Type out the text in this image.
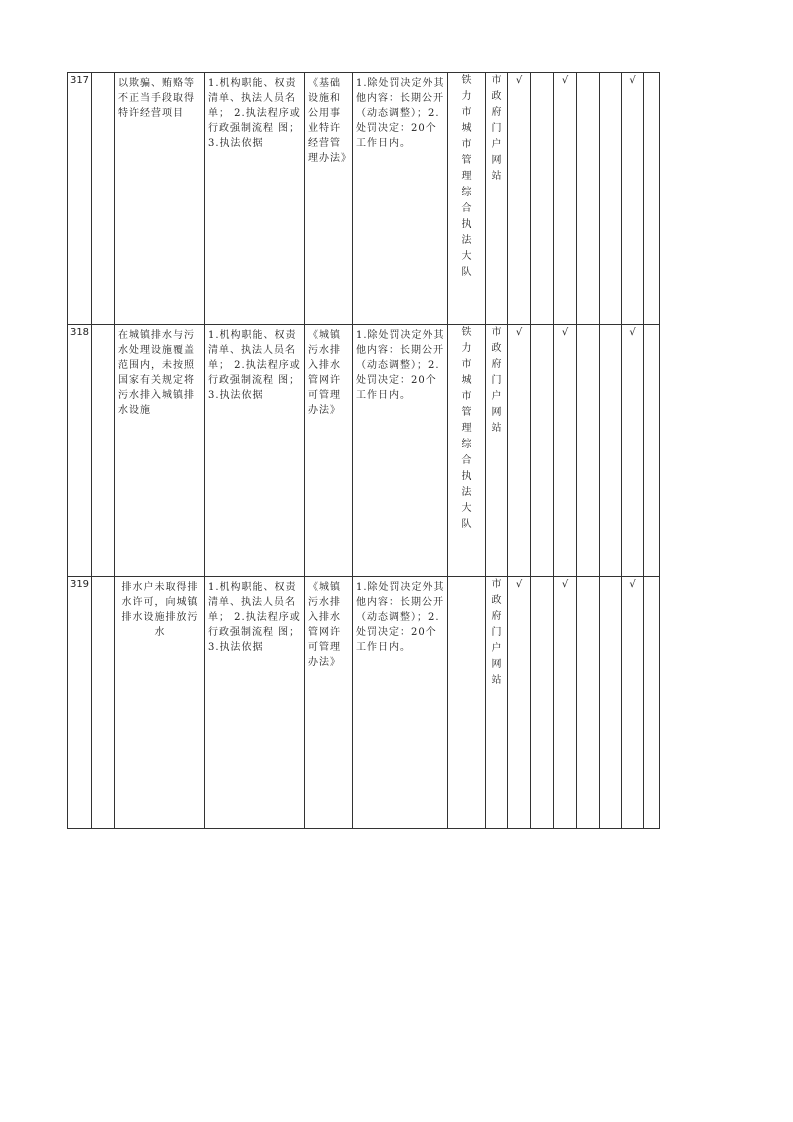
317		以欺骗、贿赂等不正当手段取得特许经营项目	1.机构职能、权责清单、执法人员名单； 2.执法程序或行政强制流程 图； 3.执法依据	《基础设施和公用事业特许经营管理办法》	1.除处罚决定外其他内容：长期公开（动态调整）；2.处罚决定：20个工作日内。	铁力市城市管理综合执法大队	市政府门户网站	√		√			√	
318		在城镇排水与污水处理设施覆盖范围内，未按照国家有关规定将污水排入城镇排水设施	1.机构职能、权责清单、执法人员名单； 2.执法程序或行政强制流程 图； 3.执法依据	《城镇污水排入排水管网许可管理办法》	1.除处罚决定外其他内容：长期公开（动态调整）；2.处罚决定：20个工作日内。	铁力市城市管理综合执法大队	市政府门户网站	√		√			√	
319		排水户未取得排水许可，向城镇排水设施排放污水	1.机构职能、权责清单、执法人员名单； 2.执法程序或行政强制流程 图； 3.执法依据	《城镇污水排入排水管网许可管理办法》	1.除处罚决定外其他内容：长期公开（动态调整）；2.处罚决定：20个工作日内。		市政府门户网站	√		√			√	
